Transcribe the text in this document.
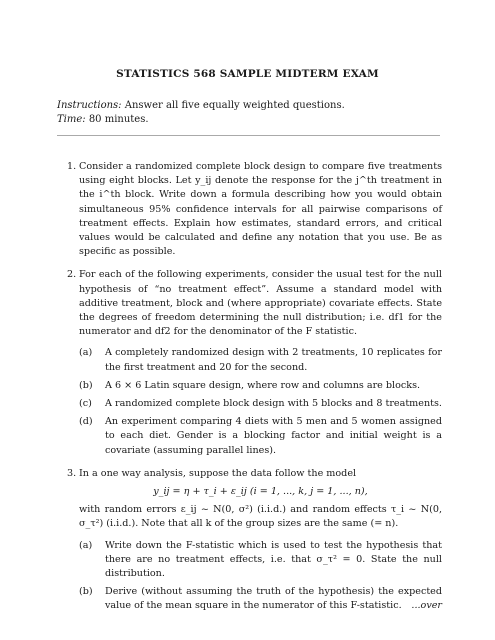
STATISTICS 568 SAMPLE MIDTERM EXAM
Instructions: Answer all five equally weighted questions.
Time: 80 minutes.
1. Consider a randomized complete block design to compare five treatments using eight blocks. Let y_ij denote the response for the j^th treatment in the i^th block. Write down a formula describing how you would obtain simultaneous 95% confidence intervals for all pairwise comparisons of treatment effects. Explain how estimates, standard errors, and critical values would be calculated and define any notation that you use. Be as specific as possible.
2. For each of the following experiments, consider the usual test for the null hypothesis of “no treatment effect”. Assume a standard model with additive treatment, block and (where appropriate) covariate effects. State the degrees of freedom determining the null distribution; i.e. df1 for the numerator and df2 for the denominator of the F statistic.
(a) A completely randomized design with 2 treatments, 10 replicates for the first treatment and 20 for the second.
(b) A 6 × 6 Latin square design, where row and columns are blocks.
(c) A randomized complete block design with 5 blocks and 8 treatments.
(d) An experiment comparing 4 diets with 5 men and 5 women assigned to each diet. Gender is a blocking factor and initial weight is a covariate (assuming parallel lines).
3. In a one way analysis, suppose the data follow the model
y_ij = η + τ_i + ε_ij (i = 1, ..., k, j = 1, ..., n),
with random errors ε_ij ~ N(0, σ²) (i.i.d.) and random effects τ_i ~ N(0, σ_τ²) (i.i.d.). Note that all k of the group sizes are the same (= n).
(a) Write down the F-statistic which is used to test the hypothesis that there are no treatment effects, i.e. that σ_τ² = 0. State the null distribution.
(b) Derive (without assuming the truth of the hypothesis) the expected value of the mean square in the numerator of this F-statistic. ...over
